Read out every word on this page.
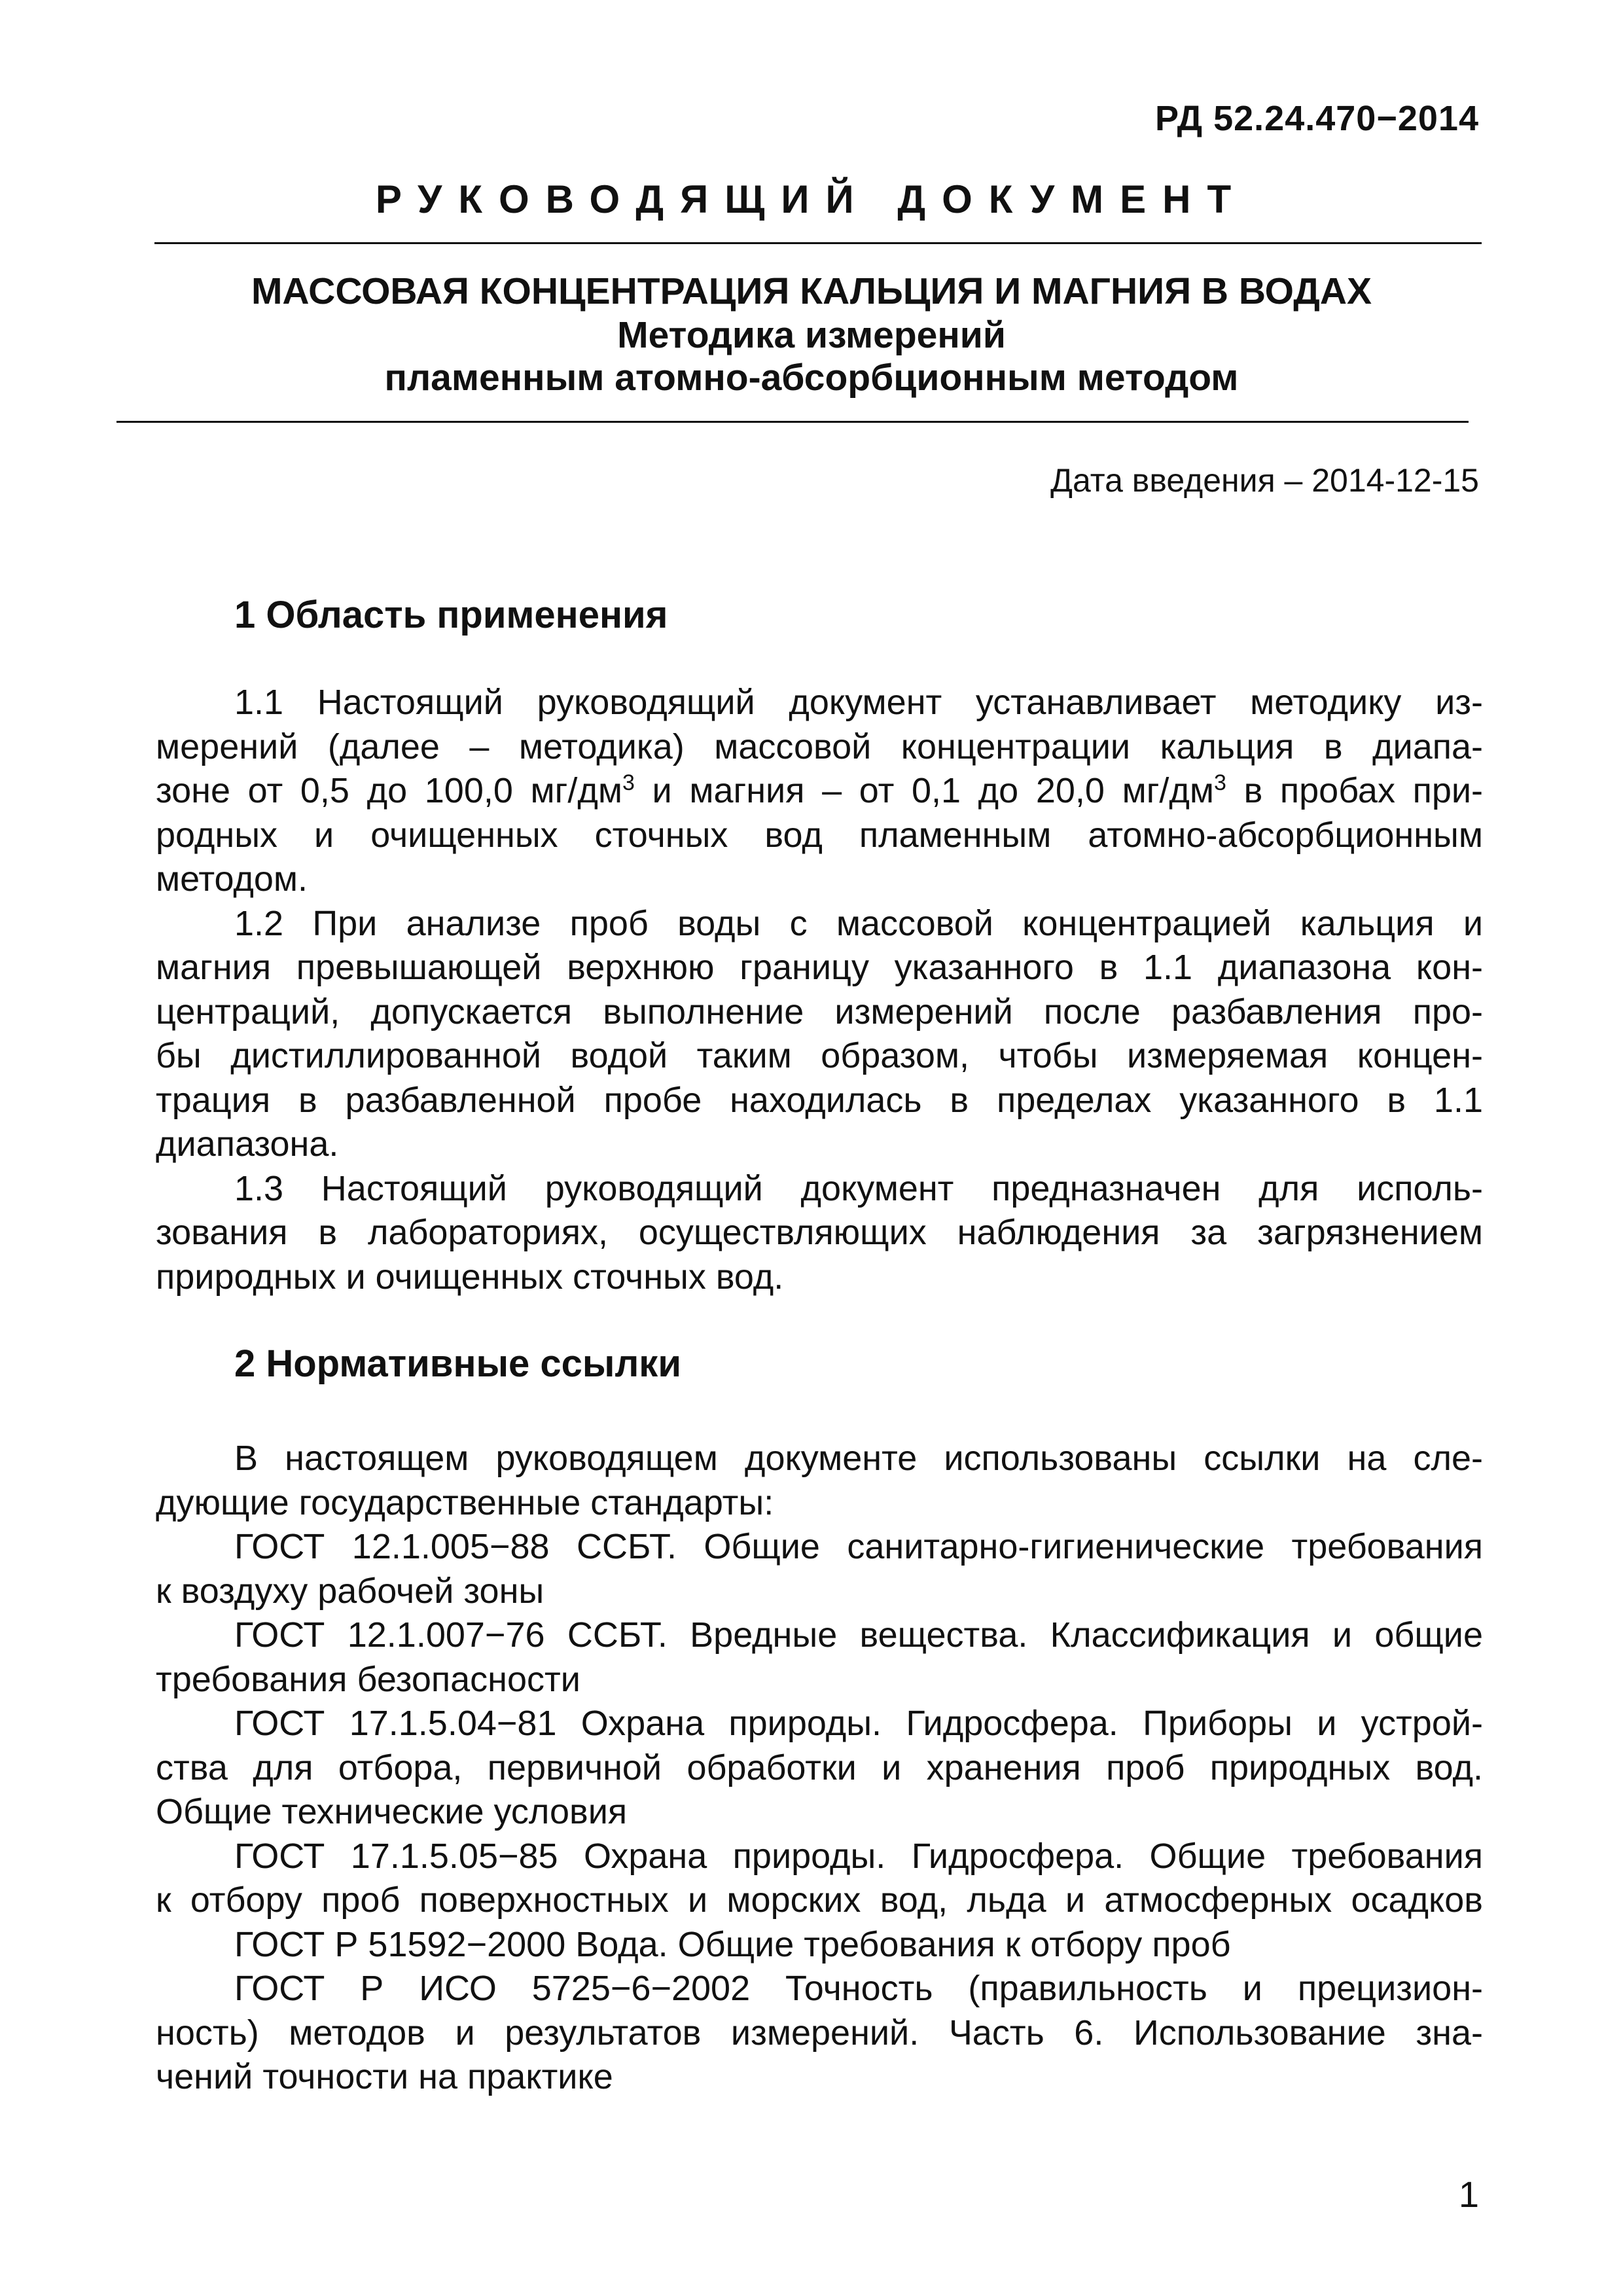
РД 52.24.470−2014
РУКОВОДЯЩИЙ ДОКУМЕНТ
МАССОВАЯ КОНЦЕНТРАЦИЯ КАЛЬЦИЯ И МАГНИЯ В ВОДАХ
Методика измерений
пламенным атомно-абсорбционным методом
Дата введения – 2014-12-15
1 Область применения
1.1 Настоящий руководящий документ устанавливает методику из-
мерений (далее – методика) массовой концентрации кальция в диапа-
зоне от 0,5 до 100,0 $мг/дм^3$ и магния – от 0,1 до 20,0 $мг/дм^3$ в пробах при-
родных и очищенных сточных вод пламенным атомно-абсорбционным
методом.
1.2 При анализе проб воды с массовой концентрацией кальция и
магния превышающей верхнюю границу указанного в 1.1 диапазона кон-
центраций, допускается выполнение измерений после разбавления про-
бы дистиллированной водой таким образом, чтобы измеряемая концен-
трация в разбавленной пробе находилась в пределах указанного в 1.1
диапазона.
1.3 Настоящий руководящий документ предназначен для исполь-
зования в лабораториях, осуществляющих наблюдения за загрязнением
природных и очищенных сточных вод.
2 Нормативные ссылки
В настоящем руководящем документе использованы ссылки на сле-
дующие государственные стандарты:
ГОСТ 12.1.005−88 ССБТ. Общие санитарно-гигиенические требования
к воздуху рабочей зоны
ГОСТ 12.1.007−76 ССБТ. Вредные вещества. Классификация и общие
требования безопасности
ГОСТ 17.1.5.04−81 Охрана природы. Гидросфера. Приборы и устрой-
ства для отбора, первичной обработки и хранения проб природных вод.
Общие технические условия
ГОСТ 17.1.5.05−85 Охрана природы. Гидросфера. Общие требования
к отбору проб поверхностных и морских вод, льда и атмосферных осадков
ГОСТ Р 51592−2000 Вода. Общие требования к отбору проб
ГОСТ Р ИСО 5725−6−2002 Точность (правильность и прецизион-
ность) методов и результатов измерений. Часть 6. Использование зна-
чений точности на практике
1
